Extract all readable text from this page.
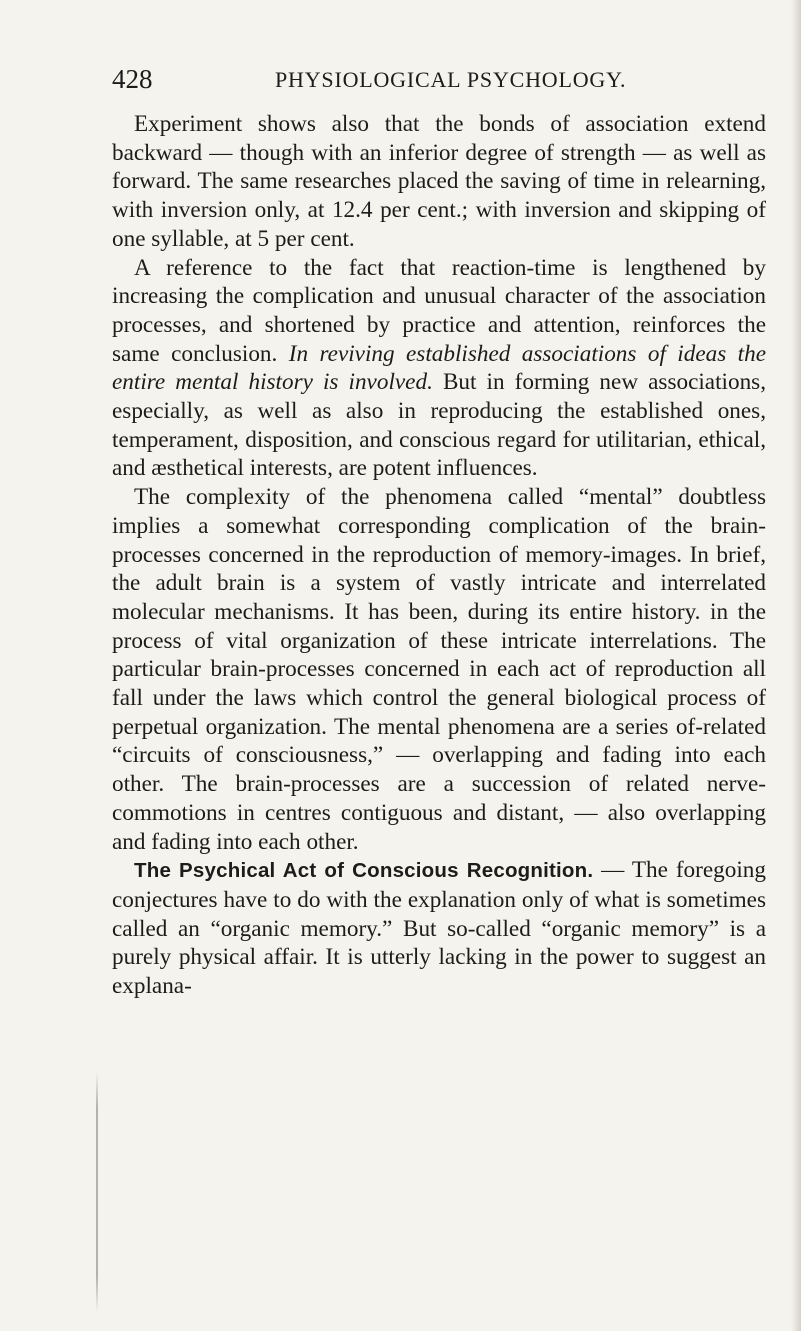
428	PHYSIOLOGICAL PSYCHOLOGY.

Experiment shows also that the bonds of association extend backward — though with an inferior degree of strength — as well as forward. The same researches placed the saving of time in relearning, with inversion only, at 12.4 per cent.; with inversion and skipping of one syllable, at 5 per cent.

A reference to the fact that reaction-time is lengthened by increasing the complication and unusual character of the association processes, and shortened by practice and attention, reinforces the same conclusion. In reviving established associations of ideas the entire mental history is involved. But in forming new associations, especially, as well as also in reproducing the established ones, temperament, disposition, and conscious regard for utilitarian, ethical, and æsthetical interests, are potent influences.

The complexity of the phenomena called “mental” doubtless implies a somewhat corresponding complication of the brain-processes concerned in the reproduction of memory-images. In brief, the adult brain is a system of vastly intricate and interrelated molecular mechanisms. It has been, during its entire history. in the process of vital organization of these intricate interrelations. The particular brain-processes concerned in each act of reproduction all fall under the laws which control the general biological process of perpetual organization. The mental phenomena are a series of-related “circuits of consciousness,” — overlapping and fading into each other. The brain-processes are a succession of related nerve-commotions in centres contiguous and distant, — also overlapping and fading into each other.

The Psychical Act of Conscious Recognition. — The foregoing conjectures have to do with the explanation only of what is sometimes called an “organic memory.” But so-called “organic memory” is a purely physical affair. It is utterly lacking in the power to suggest an explana-
